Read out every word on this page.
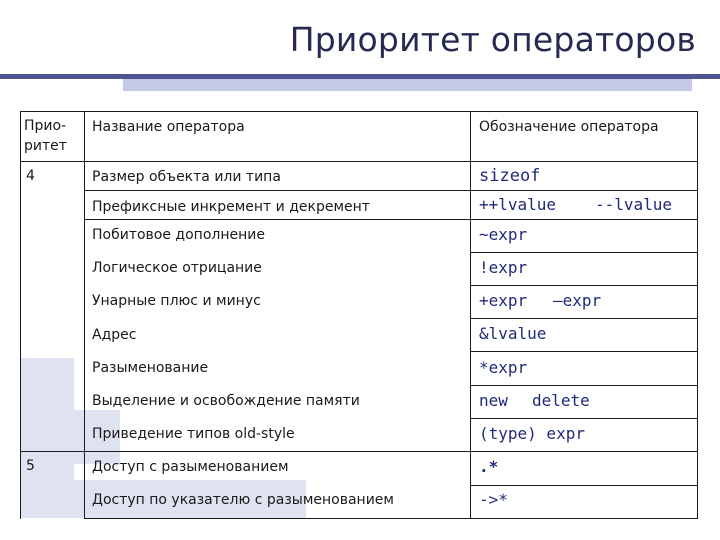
Приоритет операторов
Прио-ритет
Название оператора	Обозначение оператора
4
5
Размер объекта или типа
Префиксные инкремент и декремент
Побитовое дополнение
Логическое отрицание
Унарные плюс и минус
Адрес
Разыменование
Выделение и освобождение памяти
Приведение типов old-style
Доступ с разыменованием
Доступ по указателю с разыменованием
sizeof
++lvalue --lvalue
~expr
!expr
+expr –expr
&lvalue
*expr
new delete
(type) expr
.*
->*
